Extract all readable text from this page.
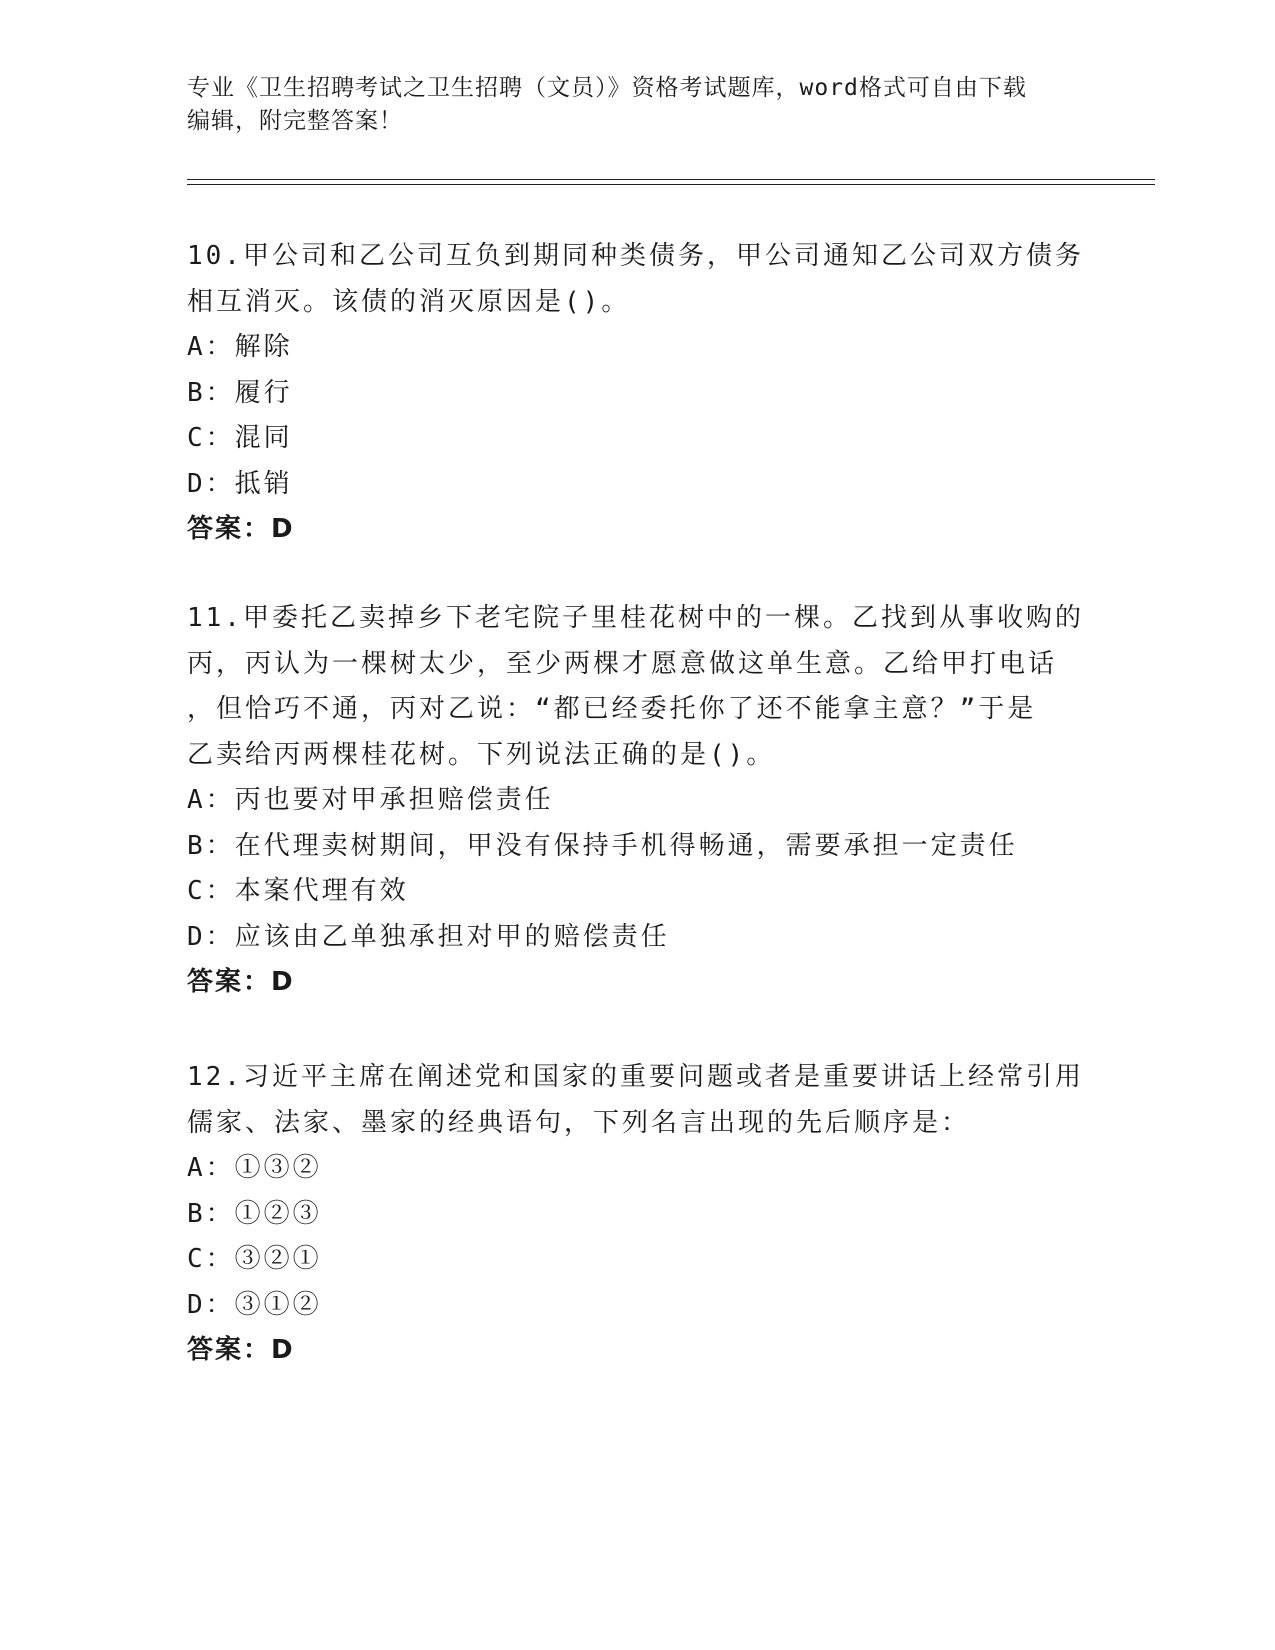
专业《卫生招聘考试之卫生招聘（文员）》资格考试题库，word格式可自由下载
编辑，附完整答案！
10.甲公司和乙公司互负到期同种类债务，甲公司通知乙公司双方债务
相互消灭。该债的消灭原因是()。
A：解除
B：履行
C：混同
D：抵销
答案：D
11.甲委托乙卖掉乡下老宅院子里桂花树中的一棵。乙找到从事收购的
丙，丙认为一棵树太少，至少两棵才愿意做这单生意。乙给甲打电话
，但恰巧不通，丙对乙说：“都已经委托你了还不能拿主意？”于是
乙卖给丙两棵桂花树。下列说法正确的是()。
A：丙也要对甲承担赔偿责任
B：在代理卖树期间，甲没有保持手机得畅通，需要承担一定责任
C：本案代理有效
D：应该由乙单独承担对甲的赔偿责任
答案：D
12.习近平主席在阐述党和国家的重要问题或者是重要讲话上经常引用
儒家、法家、墨家的经典语句，下列名言出现的先后顺序是：
A：①③②
B：①②③
C：③②①
D：③①②
答案：D
